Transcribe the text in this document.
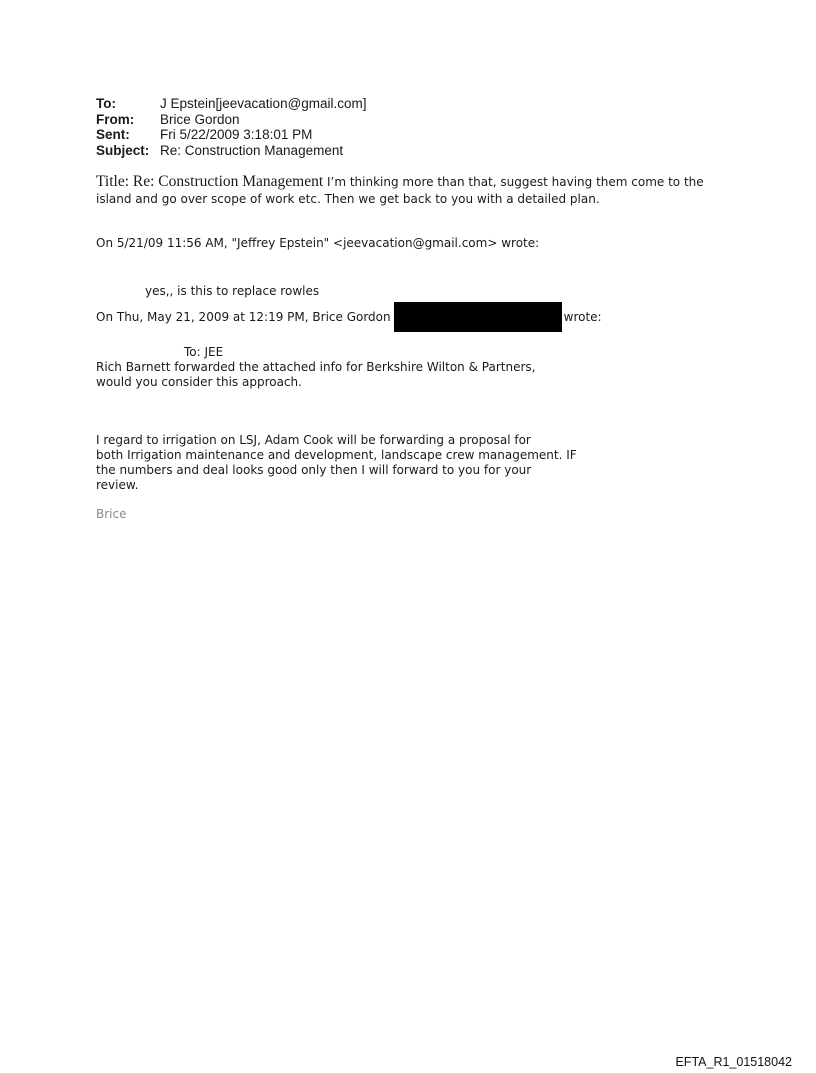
To:	J Epstein[jeevacation@gmail.com]
From:	Brice Gordon
Sent:	Fri 5/22/2009 3:18:01 PM
Subject: Re: Construction Management
Title: Re: Construction Management I’m thinking more than that, suggest having them come to the
island and go over scope of work etc. Then we get back to you with a detailed plan.
On 5/21/09 11:56 AM, "Jeffrey Epstein" <jeevacation@gmail.com> wrote:
yes,, is this to replace rowles
On Thu, May 21, 2009 at 12:19 PM, Brice Gordon	wrote:
To: JEE
Rich Barnett forwarded the attached info for Berkshire Wilton & Partners,
would you consider this approach.
I regard to irrigation on LSJ, Adam Cook will be forwarding a proposal for
both Irrigation maintenance and development, landscape crew management. IF
the numbers and deal looks good only then I will forward to you for your
review.
Brice
EFTA_R1_01518042
